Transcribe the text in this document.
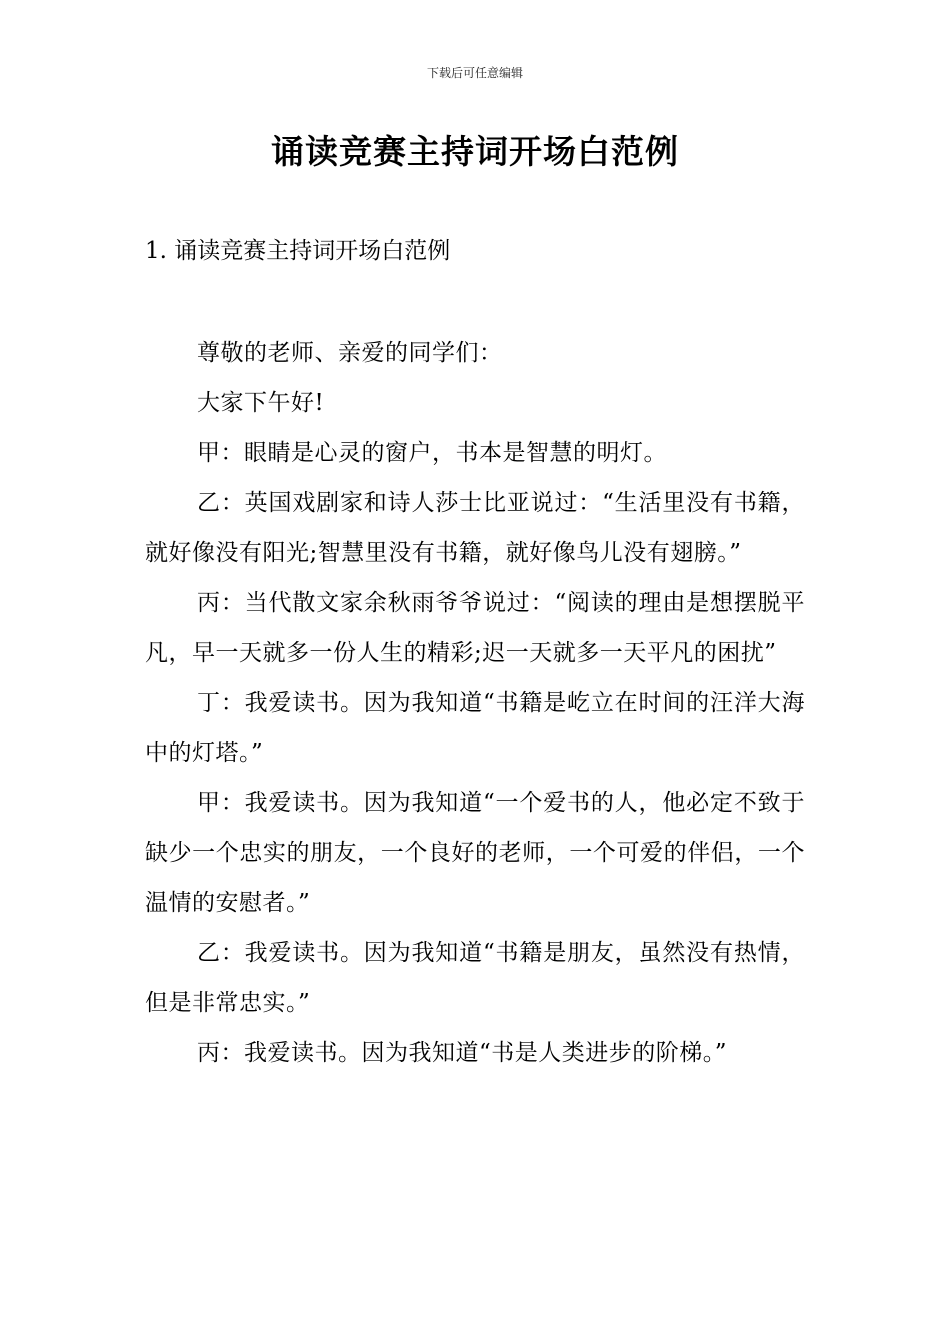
下载后可任意编辑
诵读竞赛主持词开场白范例
1. 诵读竞赛主持词开场白范例

尊敬的老师、亲爱的同学们：

大家下午好!

甲：眼睛是心灵的窗户，书本是智慧的明灯。

乙：英国戏剧家和诗人莎士比亚说过：“生活里没有书籍，就好像没有阳光;智慧里没有书籍，就好像鸟儿没有翅膀。”

丙：当代散文家余秋雨爷爷说过：“阅读的理由是想摆脱平凡，早一天就多一份人生的精彩;迟一天就多一天平凡的困扰”

丁：我爱读书。因为我知道“书籍是屹立在时间的汪洋大海中的灯塔。”

甲：我爱读书。因为我知道“一个爱书的人，他必定不致于缺少一个忠实的朋友，一个良好的老师，一个可爱的伴侣，一个温情的安慰者。”

乙：我爱读书。因为我知道“书籍是朋友，虽然没有热情，但是非常忠实。”

丙：我爱读书。因为我知道“书是人类进步的阶梯。”
